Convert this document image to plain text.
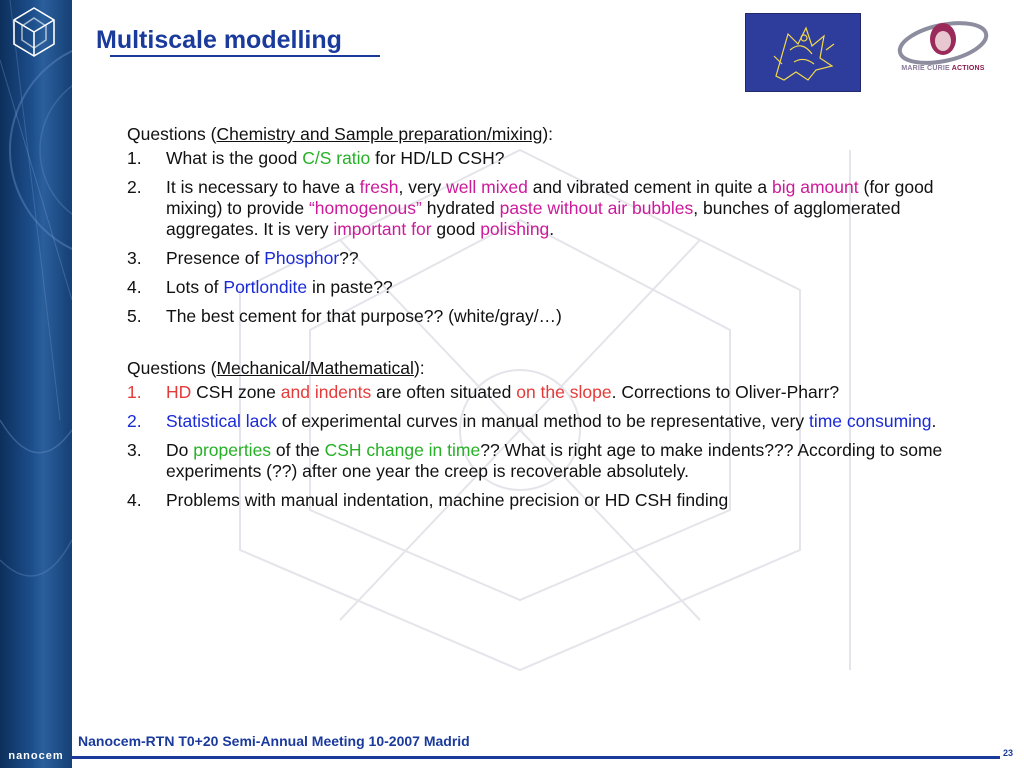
nanocem
Multiscale modelling
MARIE CURIE ACTIONS

Questions (Chemistry and Sample preparation/mixing):

1. What is the good C/S ratio for HD/LD CSH?
2. It is necessary to have a fresh, very well mixed and vibrated cement in quite a big amount (for good mixing) to provide “homogenous” hydrated paste without air bubbles, bunches of agglomerated aggregates. It is very important for good polishing.
3. Presence of Phosphor??
4. Lots of Portlondite in paste??
5. The best cement for that purpose?? (white/gray/…)

Questions (Mechanical/Mathematical):

1. HD CSH zone and indents are often situated on the slope. Corrections to Oliver-Pharr?
2. Statistical lack of experimental curves in manual method to be representative, very time consuming.
3. Do properties of the CSH change in time?? What is right age to make indents??? According to some experiments (??) after one year the creep is recoverable absolutely.
4. Problems with manual indentation, machine precision or HD CSH finding

Nanocem-RTN T0+20 Semi-Annual Meeting 10-2007 Madrid

23
